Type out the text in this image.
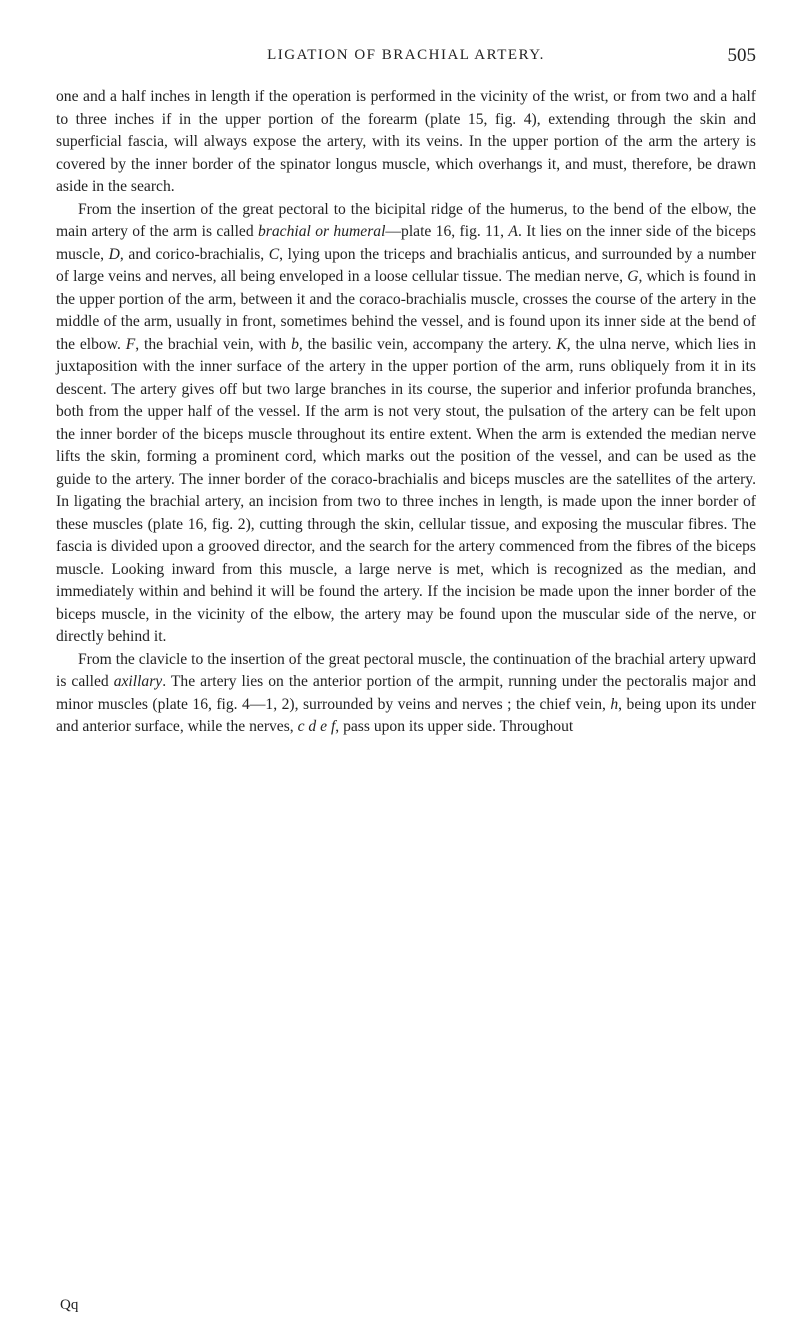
LIGATION OF BRACHIAL ARTERY.	505

one and a half inches in length if the operation is performed in the vicinity of the wrist, or from two and a half to three inches if in the upper portion of the forearm (plate 15, fig. 4), extending through the skin and superficial fascia, will always expose the artery, with its veins. In the upper portion of the arm the artery is covered by the inner border of the spinator longus muscle, which overhangs it, and must, therefore, be drawn aside in the search.

From the insertion of the great pectoral to the bicipital ridge of the humerus, to the bend of the elbow, the main artery of the arm is called brachial or humeral—plate 16, fig. 11, A. It lies on the inner side of the biceps muscle, D, and corico-brachialis, C, lying upon the triceps and brachialis anticus, and surrounded by a number of large veins and nerves, all being enveloped in a loose cellular tissue. The median nerve, G, which is found in the upper portion of the arm, between it and the coraco-brachialis muscle, crosses the course of the artery in the middle of the arm, usually in front, sometimes behind the vessel, and is found upon its inner side at the bend of the elbow. F, the brachial vein, with b, the basilic vein, accompany the artery. K, the ulna nerve, which lies in juxtaposition with the inner surface of the artery in the upper portion of the arm, runs obliquely from it in its descent. The artery gives off but two large branches in its course, the superior and inferior profunda branches, both from the upper half of the vessel. If the arm is not very stout, the pulsation of the artery can be felt upon the inner border of the biceps muscle throughout its entire extent. When the arm is extended the median nerve lifts the skin, forming a prominent cord, which marks out the position of the vessel, and can be used as the guide to the artery. The inner border of the coraco-brachialis and biceps muscles are the satellites of the artery. In ligating the brachial artery, an incision from two to three inches in length, is made upon the inner border of these muscles (plate 16, fig. 2), cutting through the skin, cellular tissue, and exposing the muscular fibres. The fascia is divided upon a grooved director, and the search for the artery commenced from the fibres of the biceps muscle. Looking inward from this muscle, a large nerve is met, which is recognized as the median, and immediately within and behind it will be found the artery. If the incision be made upon the inner border of the biceps muscle, in the vicinity of the elbow, the artery may be found upon the muscular side of the nerve, or directly behind it.

From the clavicle to the insertion of the great pectoral muscle, the continuation of the brachial artery upward is called axillary. The artery lies on the anterior portion of the armpit, running under the pectoralis major and minor muscles (plate 16, fig. 4—1, 2), surrounded by veins and nerves ; the chief vein, h, being upon its under and anterior surface, while the nerves, c d e f, pass upon its upper side. Throughout

Qq
